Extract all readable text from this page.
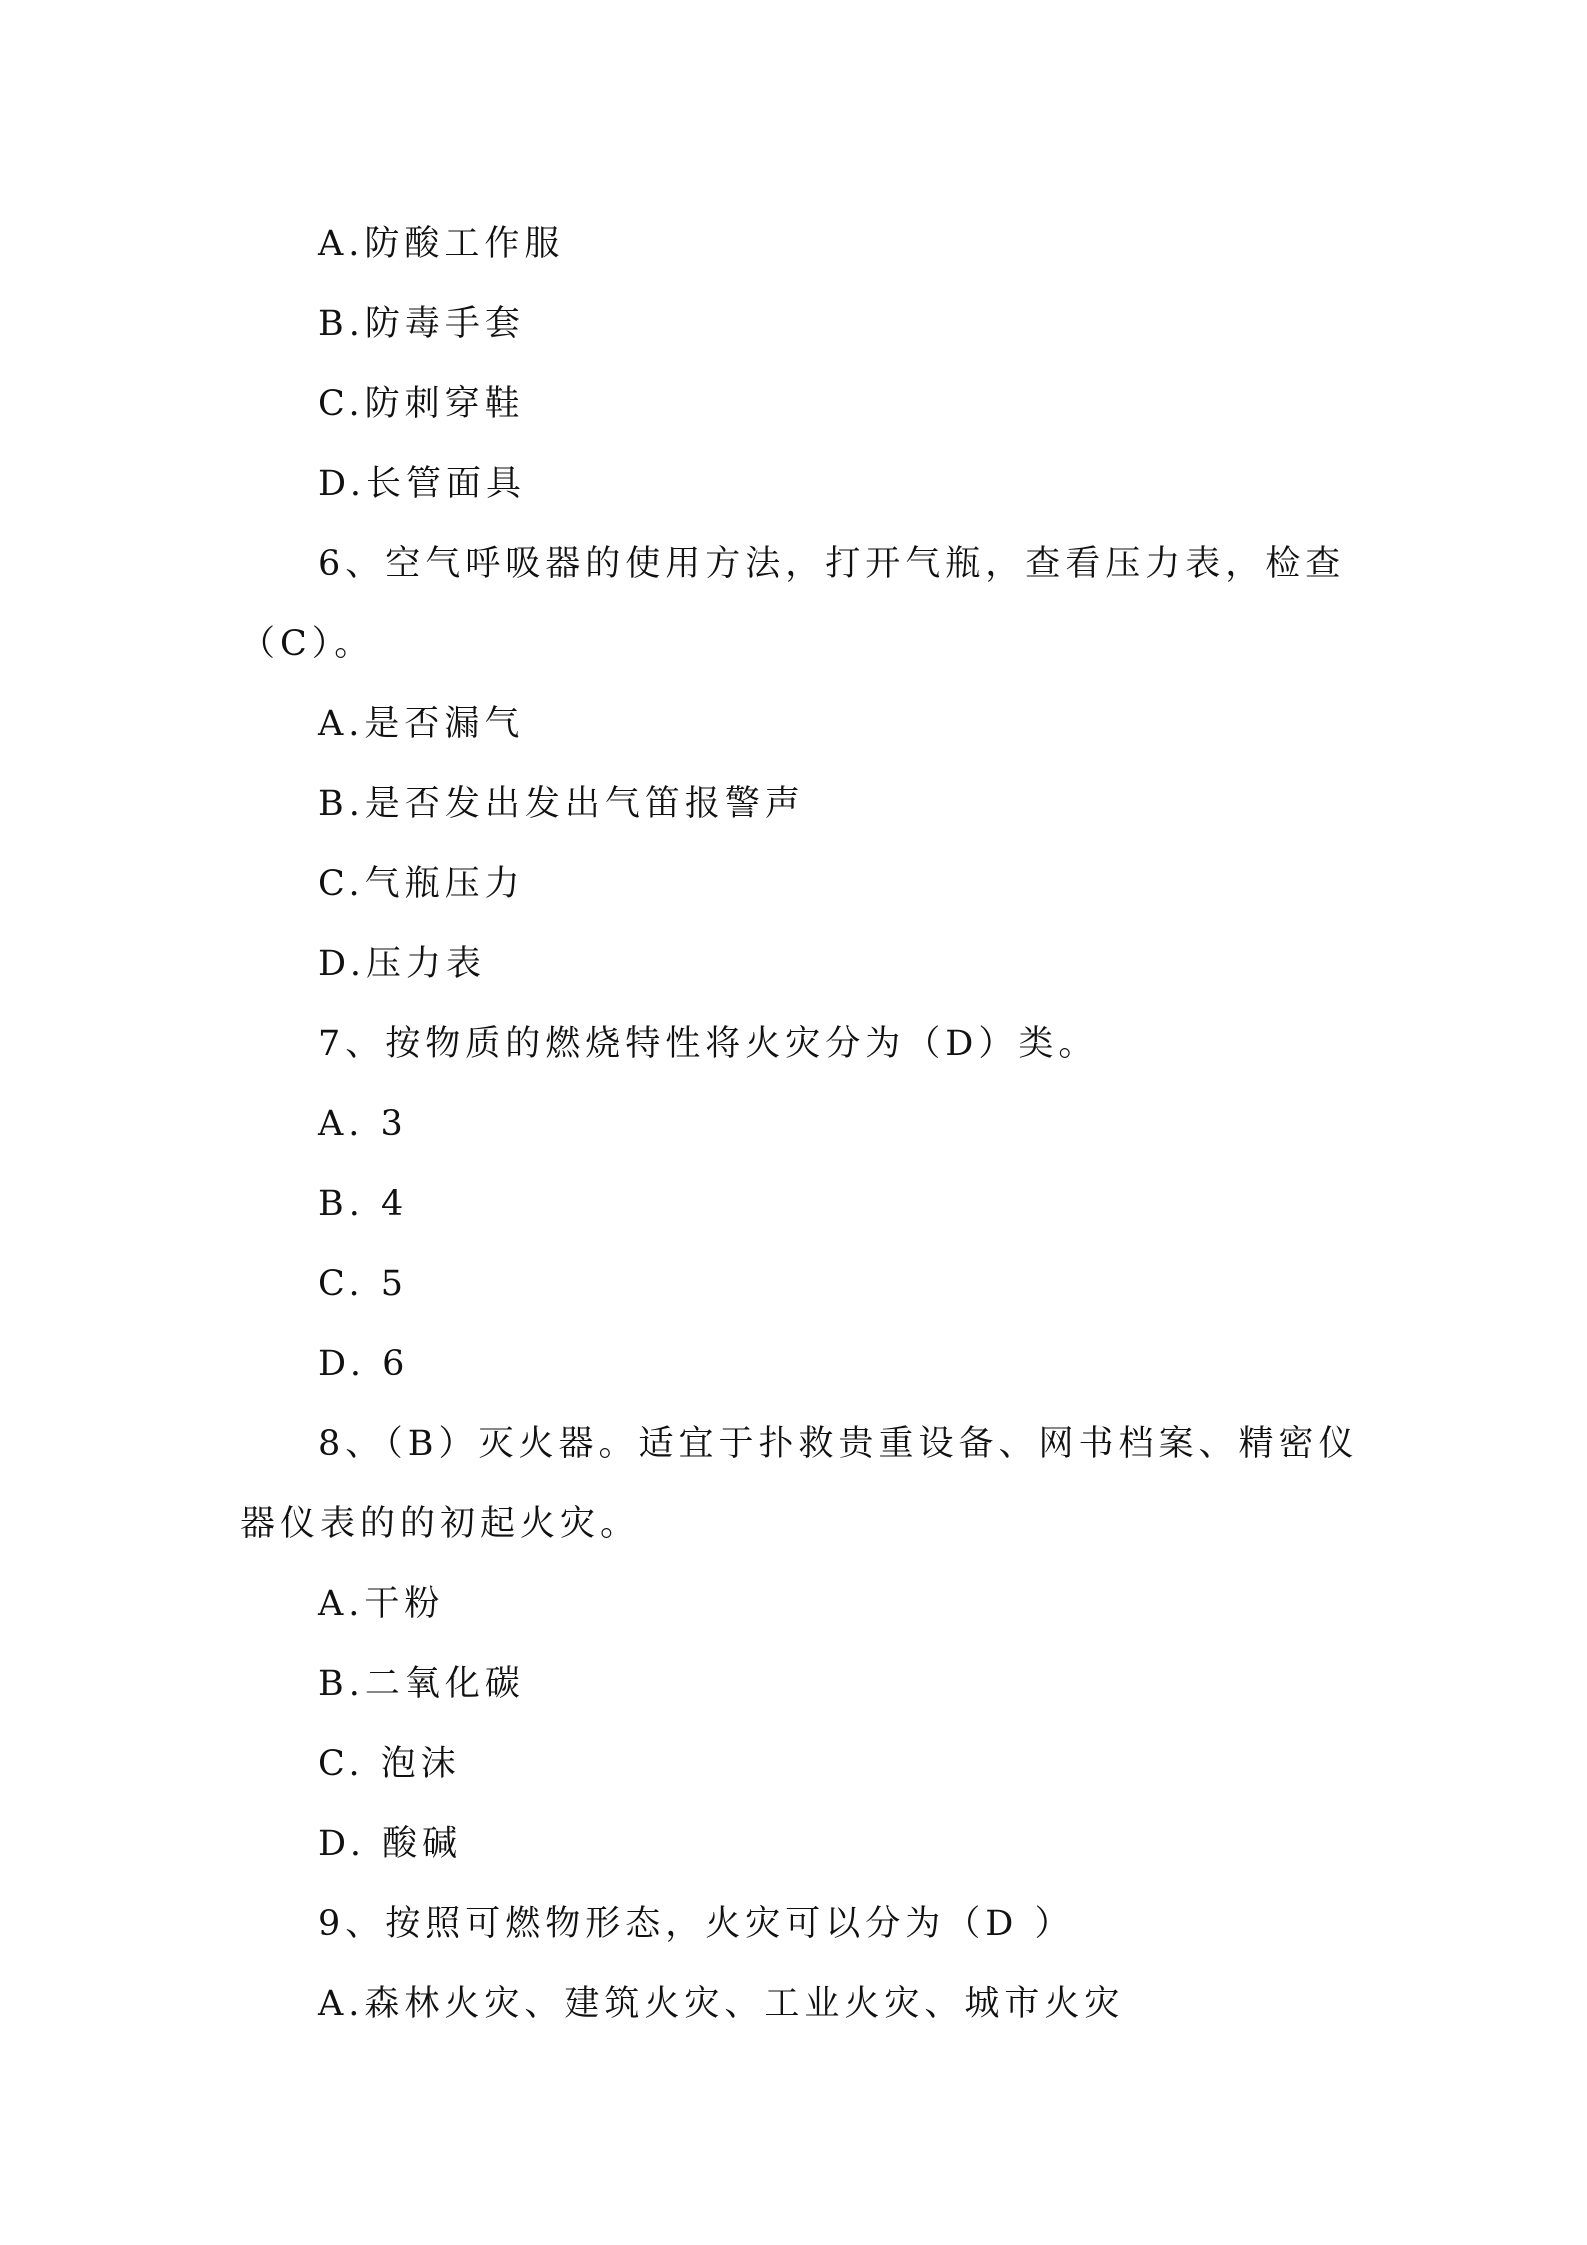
A.防酸工作服
B.防毒手套
C.防刺穿鞋
D.长管面具
6、空气呼吸器的使用方法，打开气瓶，查看压力表，检查
（C）。
A.是否漏气
B.是否发出发出气笛报警声
C.气瓶压力
D.压力表
7、按物质的燃烧特性将火灾分为（D）类。
A. 3
B. 4
C. 5
D. 6
8、（B）灭火器。适宜于扑救贵重设备、网书档案、精密仪
器仪表的的初起火灾。
A.干粉
B.二氧化碳
C. 泡沫
D. 酸碱
9、按照可燃物形态，火灾可以分为（D ）
A.森林火灾、建筑火灾、工业火灾、城市火灾
